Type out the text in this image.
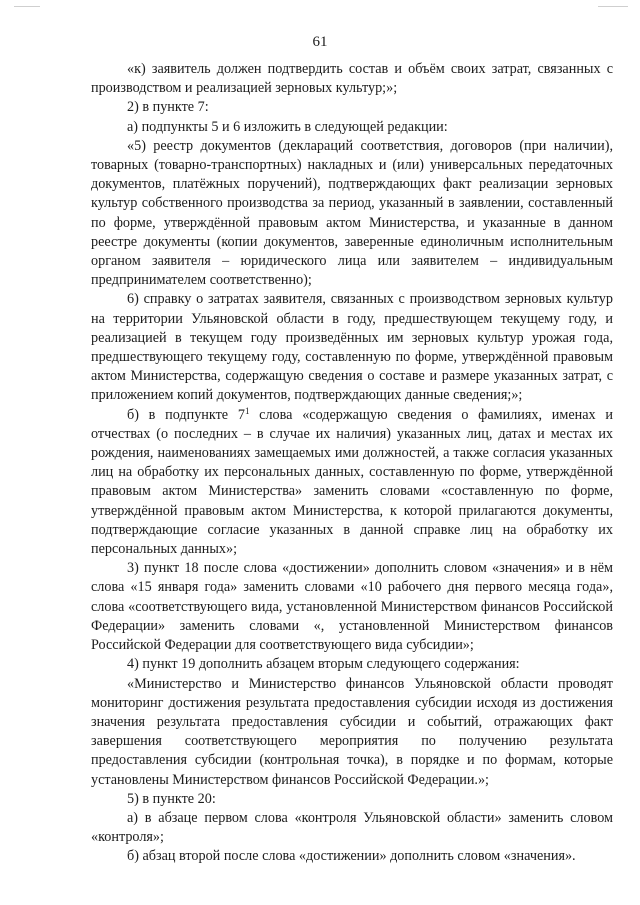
61

«к) заявитель должен подтвердить состав и объём своих затрат, связанных с производством и реализацией зерновых культур;»;

2) в пункте 7:

а) подпункты 5 и 6 изложить в следующей редакции:

«5) реестр документов (деклараций соответствия, договоров (при наличии), товарных (товарно-транспортных) накладных и (или) универсальных передаточных документов, платёжных поручений), подтверждающих факт реализации зерновых культур собственного производства за период, указанный в заявлении, составленный по форме, утверждённой правовым актом Министерства, и указанные в данном реестре документы (копии документов, заверенные единоличным исполнительным органом заявителя – юридического лица или заявителем – индивидуальным предпринимателем соответственно);

6) справку о затратах заявителя, связанных с производством зерновых культур на территории Ульяновской области в году, предшествующем текущему году, и реализацией в текущем году произведённых им зерновых культур урожая года, предшествующего текущему году, составленную по форме, утверждённой правовым актом Министерства, содержащую сведения о составе и размере указанных затрат, с приложением копий документов, подтверждающих данные сведения;»;

б) в подпункте $7^1$ слова «содержащую сведения о фамилиях, именах и отчествах (о последних – в случае их наличия) указанных лиц, датах и местах их рождения, наименованиях замещаемых ими должностей, а также согласия указанных лиц на обработку их персональных данных, составленную по форме, утверждённой правовым актом Министерства» заменить словами «составленную по форме, утверждённой правовым актом Министерства, к которой прилагаются документы, подтверждающие согласие указанных в данной справке лиц на обработку их персональных данных»;

3) пункт 18 после слова «достижении» дополнить словом «значения» и в нём слова «15 января года» заменить словами «10 рабочего дня первого месяца года», слова «соответствующего вида, установленной Министерством финансов Российской Федерации» заменить словами «, установленной Министерством финансов Российской Федерации для соответствующего вида субсидии»;

4) пункт 19 дополнить абзацем вторым следующего содержания:

«Министерство и Министерство финансов Ульяновской области проводят мониторинг достижения результата предоставления субсидии исходя из достижения значения результата предоставления субсидии и событий, отражающих факт завершения соответствующего мероприятия по получению результата предоставления субсидии (контрольная точка), в порядке и по формам, которые установлены Министерством финансов Российской Федерации.»;

5) в пункте 20:

а) в абзаце первом слова «контроля Ульяновской области» заменить словом «контроля»;

б) абзац второй после слова «достижении» дополнить словом «значения».
